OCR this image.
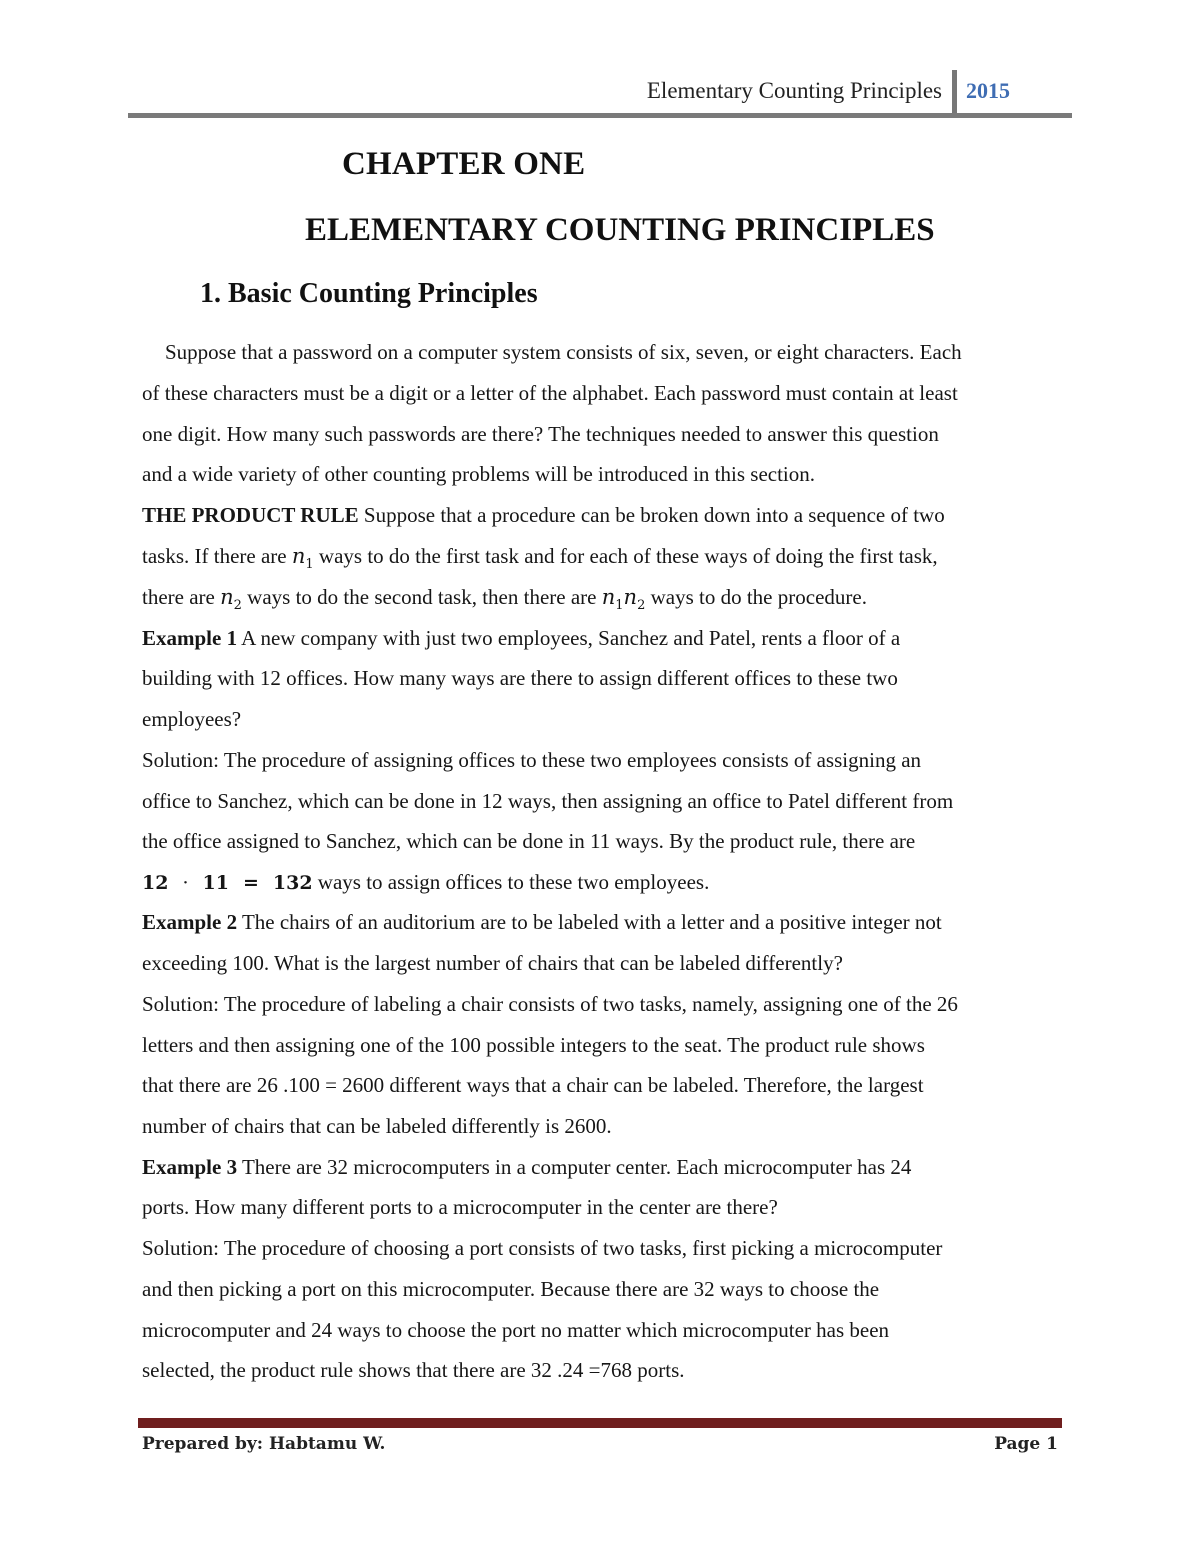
Elementary Counting Principles 2015
CHAPTER ONE
ELEMENTARY COUNTING PRINCIPLES
1. Basic Counting Principles
Suppose that a password on a computer system consists of six, seven, or eight characters. Each
of these characters must be a digit or a letter of the alphabet. Each password must contain at least
one digit. How many such passwords are there? The techniques needed to answer this question
and a wide variety of other counting problems will be introduced in this section.
THE PRODUCT RULE Suppose that a procedure can be broken down into a sequence of two
tasks. If there are $n_1$ ways to do the first task and for each of these ways of doing the first task,
there are $n_2$ ways to do the second task, then there are $n_1n_2$ ways to do the procedure.
Example 1 A new company with just two employees, Sanchez and Patel, rents a floor of a
building with 12 offices. How many ways are there to assign different offices to these two
employees?
Solution: The procedure of assigning offices to these two employees consists of assigning an
office to Sanchez, which can be done in 12 ways, then assigning an office to Patel different from
the office assigned to Sanchez, which can be done in 11 ways. By the product rule, there are
12 · 11 = 132 ways to assign offices to these two employees.
Example 2 The chairs of an auditorium are to be labeled with a letter and a positive integer not
exceeding 100. What is the largest number of chairs that can be labeled differently?
Solution: The procedure of labeling a chair consists of two tasks, namely, assigning one of the 26
letters and then assigning one of the 100 possible integers to the seat. The product rule shows
that there are 26 .100 = 2600 different ways that a chair can be labeled. Therefore, the largest
number of chairs that can be labeled differently is 2600.
Example 3 There are 32 microcomputers in a computer center. Each microcomputer has 24
ports. How many different ports to a microcomputer in the center are there?
Solution: The procedure of choosing a port consists of two tasks, first picking a microcomputer
and then picking a port on this microcomputer. Because there are 32 ways to choose the
microcomputer and 24 ways to choose the port no matter which microcomputer has been
selected, the product rule shows that there are 32 .24 =768 ports.
Prepared by: Habtamu W.	Page 1
